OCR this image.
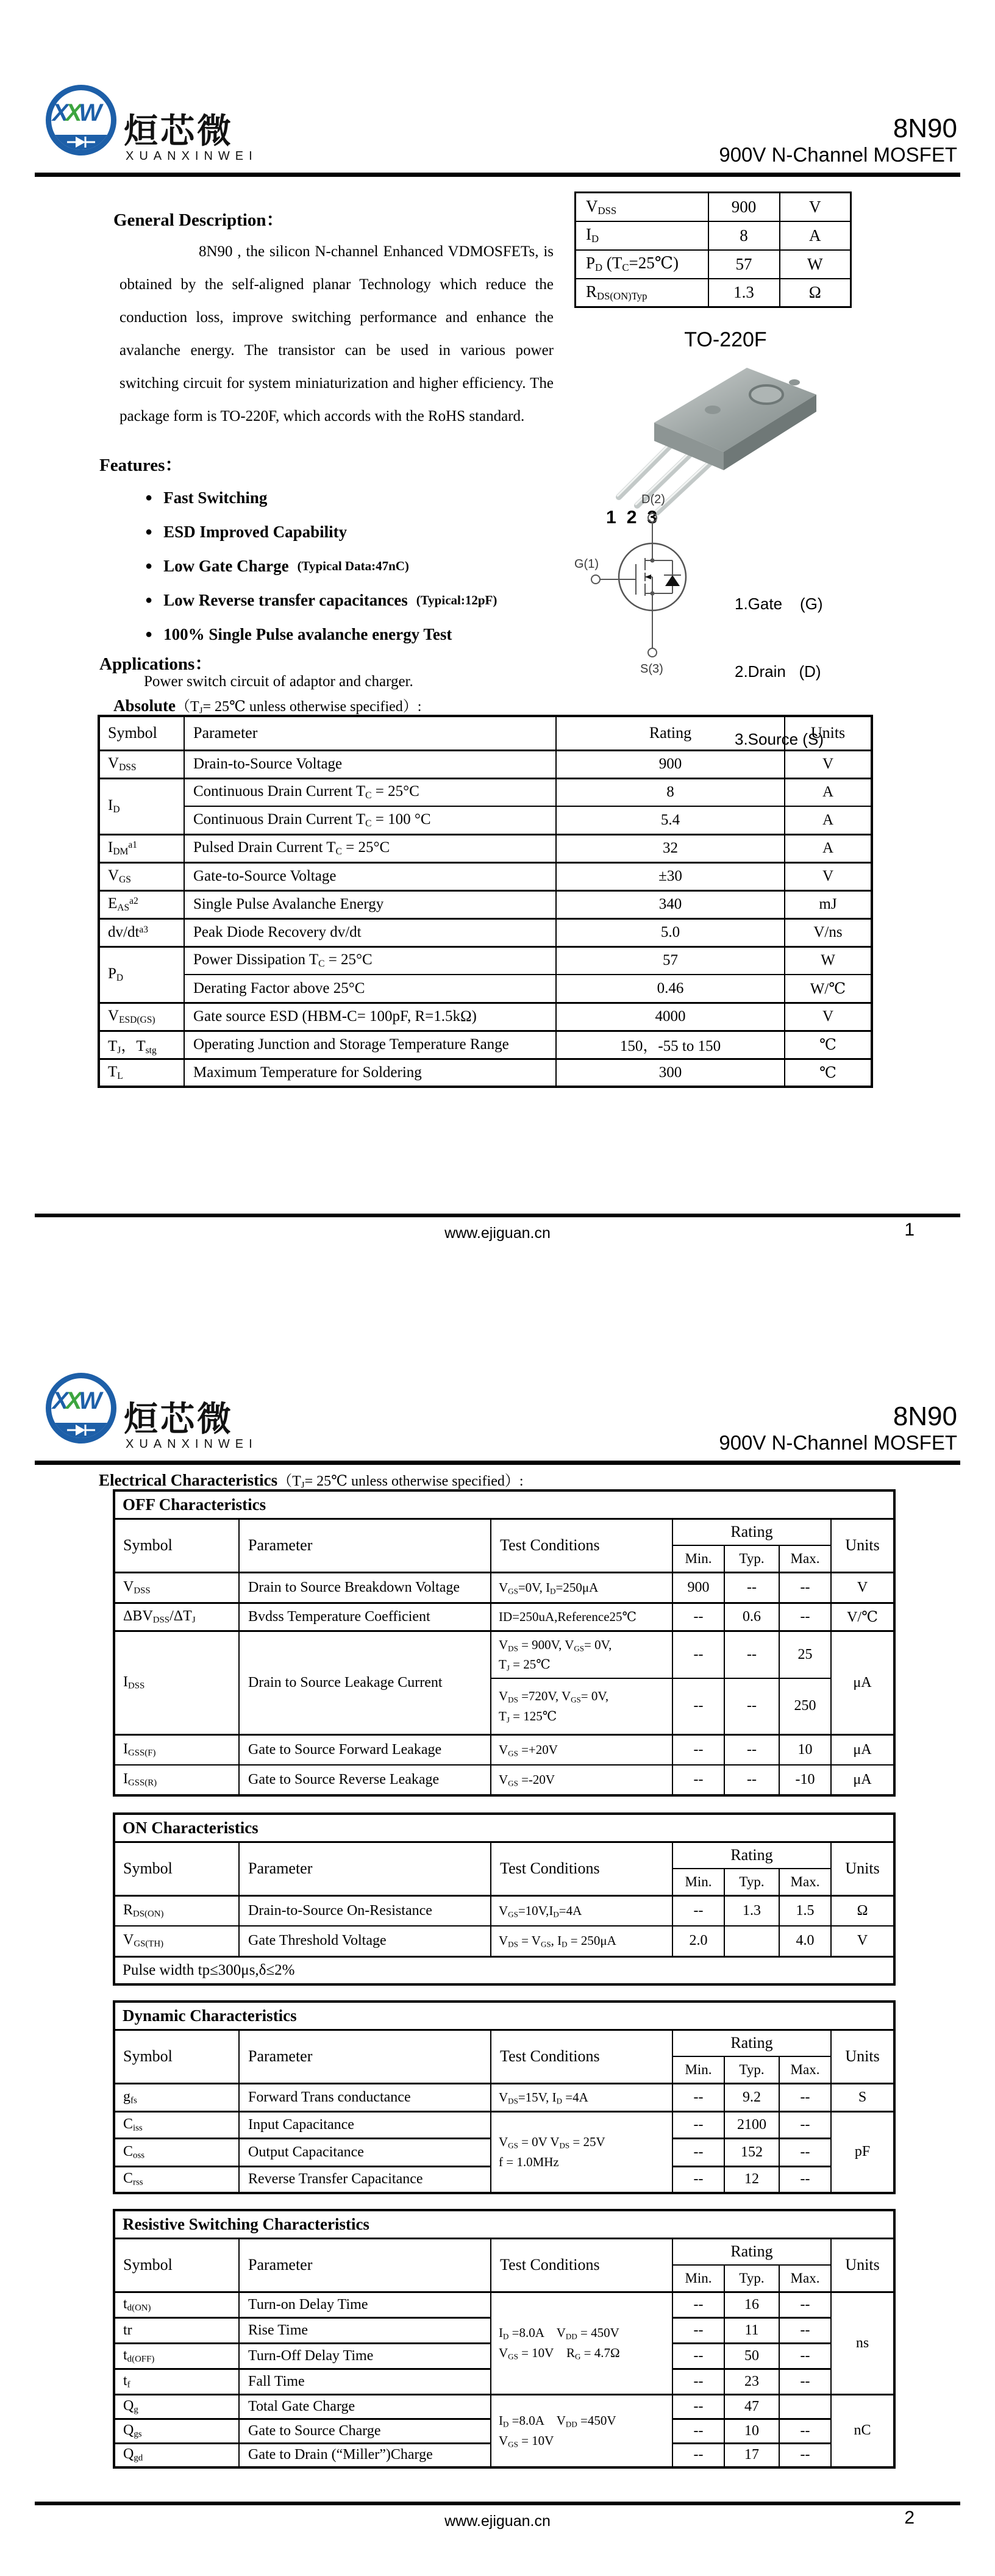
XXW 烜芯微
XUANXINWEI
8N90
900V N-Channel MOSFET
General Description：
8N90 , the silicon N-channel Enhanced VDMOSFETs, is obtained by the self-aligned planar Technology which reduce the conduction loss, improve switching performance and enhance the avalanche energy. The transistor can be used in various power switching circuit for system miniaturization and higher efficiency. The package form is TO-220F, which accords with the RoHS standard.
Features：
● Fast Switching
● ESD Improved Capability
● Low Gate Charge (Typical Data:47nC)
● Low Reverse transfer capacitances (Typical:12pF)
● 100% Single Pulse avalanche energy Test
Applications：
Power switch circuit of adaptor and charger.
$Absolute(T_J=$ 25℃ unless otherwise specified）:
$V_{DSS}$	900	V
$I_D$	8	A
$P_D$ $(T_C=25℃)$	57	W
$R_{DS(ON)Typ}$	1.3	Ω
TO-220F
1 2 3
D(2)
G(1)
S(3)

1.Gate    (G)

2.Drain   (D)

3.Source (S)

Symbol	Parameter	Rating	Units
$V_{DSS}$	Drain-to-Source Voltage	900	V
$I_D$	Continuous Drain Current $T_C = 25^\circ C$	8	A
	Continuous Drain Current $T_C = 100$ °C	5.4	A
$I_{DM}^{a1}$	Pulsed Drain Current $T_C = 25^\circ C$	32	A
$V_{GS}$	Gate-to-Source Voltage	±30	V
$E_{AS}^{a2}$	Single Pulse Avalanche Energy	340	mJ
$dv/dt^{a3}$	Peak Diode Recovery dv/dt	5.0	V/ns
$P_D$	Power Dissipation $T_C = 25^\circ C$	57	W
	Derating Factor above 25°C	0.46	W/℃
$V_{ESD(GS)}$	Gate source ESD (HBM-C= 100pF, R=1.5kΩ)	4000	V
$T_J$，$T_{stg}$	Operating Junction and Storage Temperature Range	150，-55 to 150	℃
$T_L$	Maximum Temperature for Soldering	300	℃
www.ejiguan.cn	1
XXW 烜芯微
XUANXINWEI
8N90
900V N-Channel MOSFET
Electrical $Characteristics(T_J=$ 25℃ unless otherwise specified）:
OFF Characteristics						
Symbol	Parameter	Test Conditions	Rating			Units
			Min.	Typ.	Max.	
$V_{DSS}$	Drain to Source Breakdown Voltage	$V_{GS}=0V$, $I_D=250\mu A$	900	--	--	V
$\Delta BV_{DSS}/\Delta T_J$	Bvdss Temperature Coefficient	ID=250uA,Reference25℃	--	0.6	--	V/℃
$I_{DSS}$	Drain to Source Leakage Current	$V_{DS} = 900V$, $V_{GS}= 0V$,
$T_J$ = 25℃	--	--	25	μA
		$V_{DS} =720V$, $V_{GS}= 0V$,
$T_J$ = 125℃	--	--	250	
$I_{GSS(F)}$	Gate to Source Forward Leakage	$V_{GS} =+20V$	--	--	10	μA
$I_{GSS(R)}$	Gate to Source Reverse Leakage	$V_{GS} =-20V$	--	--	-10	μA
ON Characteristics						
Symbol	Parameter	Test Conditions	Rating			Units
			Min.	Typ.	Max.	
$R_{DS(ON)}$	Drain-to-Source On-Resistance	$V_{GS}=10V,I_D=4A$	--	1.3	1.5	Ω
$V_{GS(TH)}$	Gate Threshold Voltage	$V_{DS} = V_{GS}$, $I_D = 250\mu A$	2.0		4.0	V
Pulse width tp≤300μs,δ≤2%						
Dynamic Characteristics						
Symbol	Parameter	Test Conditions	Rating			Units
			Min.	Typ.	Max.	
$g_{fs}$	Forward Trans conductance	$V_{DS}=15V$, $I_D =4A$	--	9.2	--	S
$C_{iss}$	Input Capacitance	$V_{GS} = 0V$ $V_{DS} = 25V$
f = 1.0MHz	--	2100	--	pF
$C_{oss}$	Output Capacitance		--	152	--	
$C_{rss}$	Reverse Transfer Capacitance		--	12	--	
Resistive Switching Characteristics						
Symbol	Parameter	Test Conditions	Rating			Units
			Min.	Typ.	Max.	
$t_{d(ON)}$	Turn-on Delay Time	$I_D =8.0A$　$V_{DD} = 450V$
$V_{GS} = 10V$　$R_G = 4.7\Omega$	--	16	--	ns
tr	Rise Time		--	11	--	
$t_{d(OFF)}$	Turn-Off Delay Time		--	50	--	
$t_f$	Fall Time		--	23	--	
$Q_g$	Total Gate Charge	$I_D =8.0A$　$V_{DD} =450V$
$V_{GS} = 10V$	--	47		nC
$Q_{gs}$	Gate to Source Charge		--	10	--	
$Q_{gd}$	Gate to Drain (“Miller”)Charge		--	17	--	
www.ejiguan.cn	2
